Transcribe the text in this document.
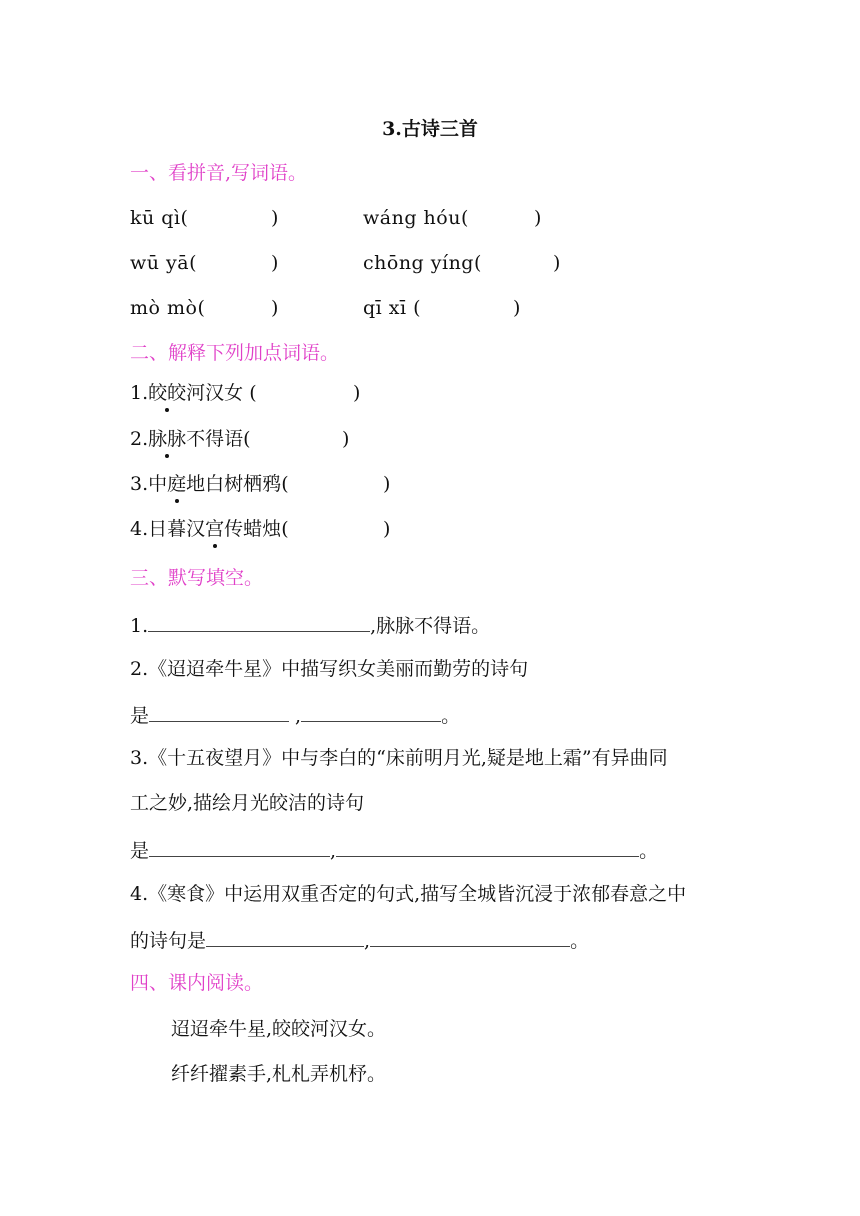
3.古诗三首
一、看拼音,写词语。
kū qì(	)	wáng hóu(	)
wū yā(	)	chōng yíng(	)
mò mò(	)	qī xī (	)
二、解释下列加点词语。
1.皎皎河汉女 (	)
2.脉脉不得语(	)
3.中庭地白树栖鸦(	)
4.日暮汉宫传蜡烛(	)
三、默写填空。
1.	,脉脉不得语。
2.《迢迢牵牛星》中描写织女美丽而勤劳的诗句
是	,	。
3.《十五夜望月》中与李白的“床前明月光,疑是地上霜”有异曲同
工之妙,描绘月光皎洁的诗句
是	,	。
4.《寒食》中运用双重否定的句式,描写全城皆沉浸于浓郁春意之中
的诗句是	,	。
四、课内阅读。
迢迢牵牛星,皎皎河汉女。
纤纤擢素手,札札弄机杼。
